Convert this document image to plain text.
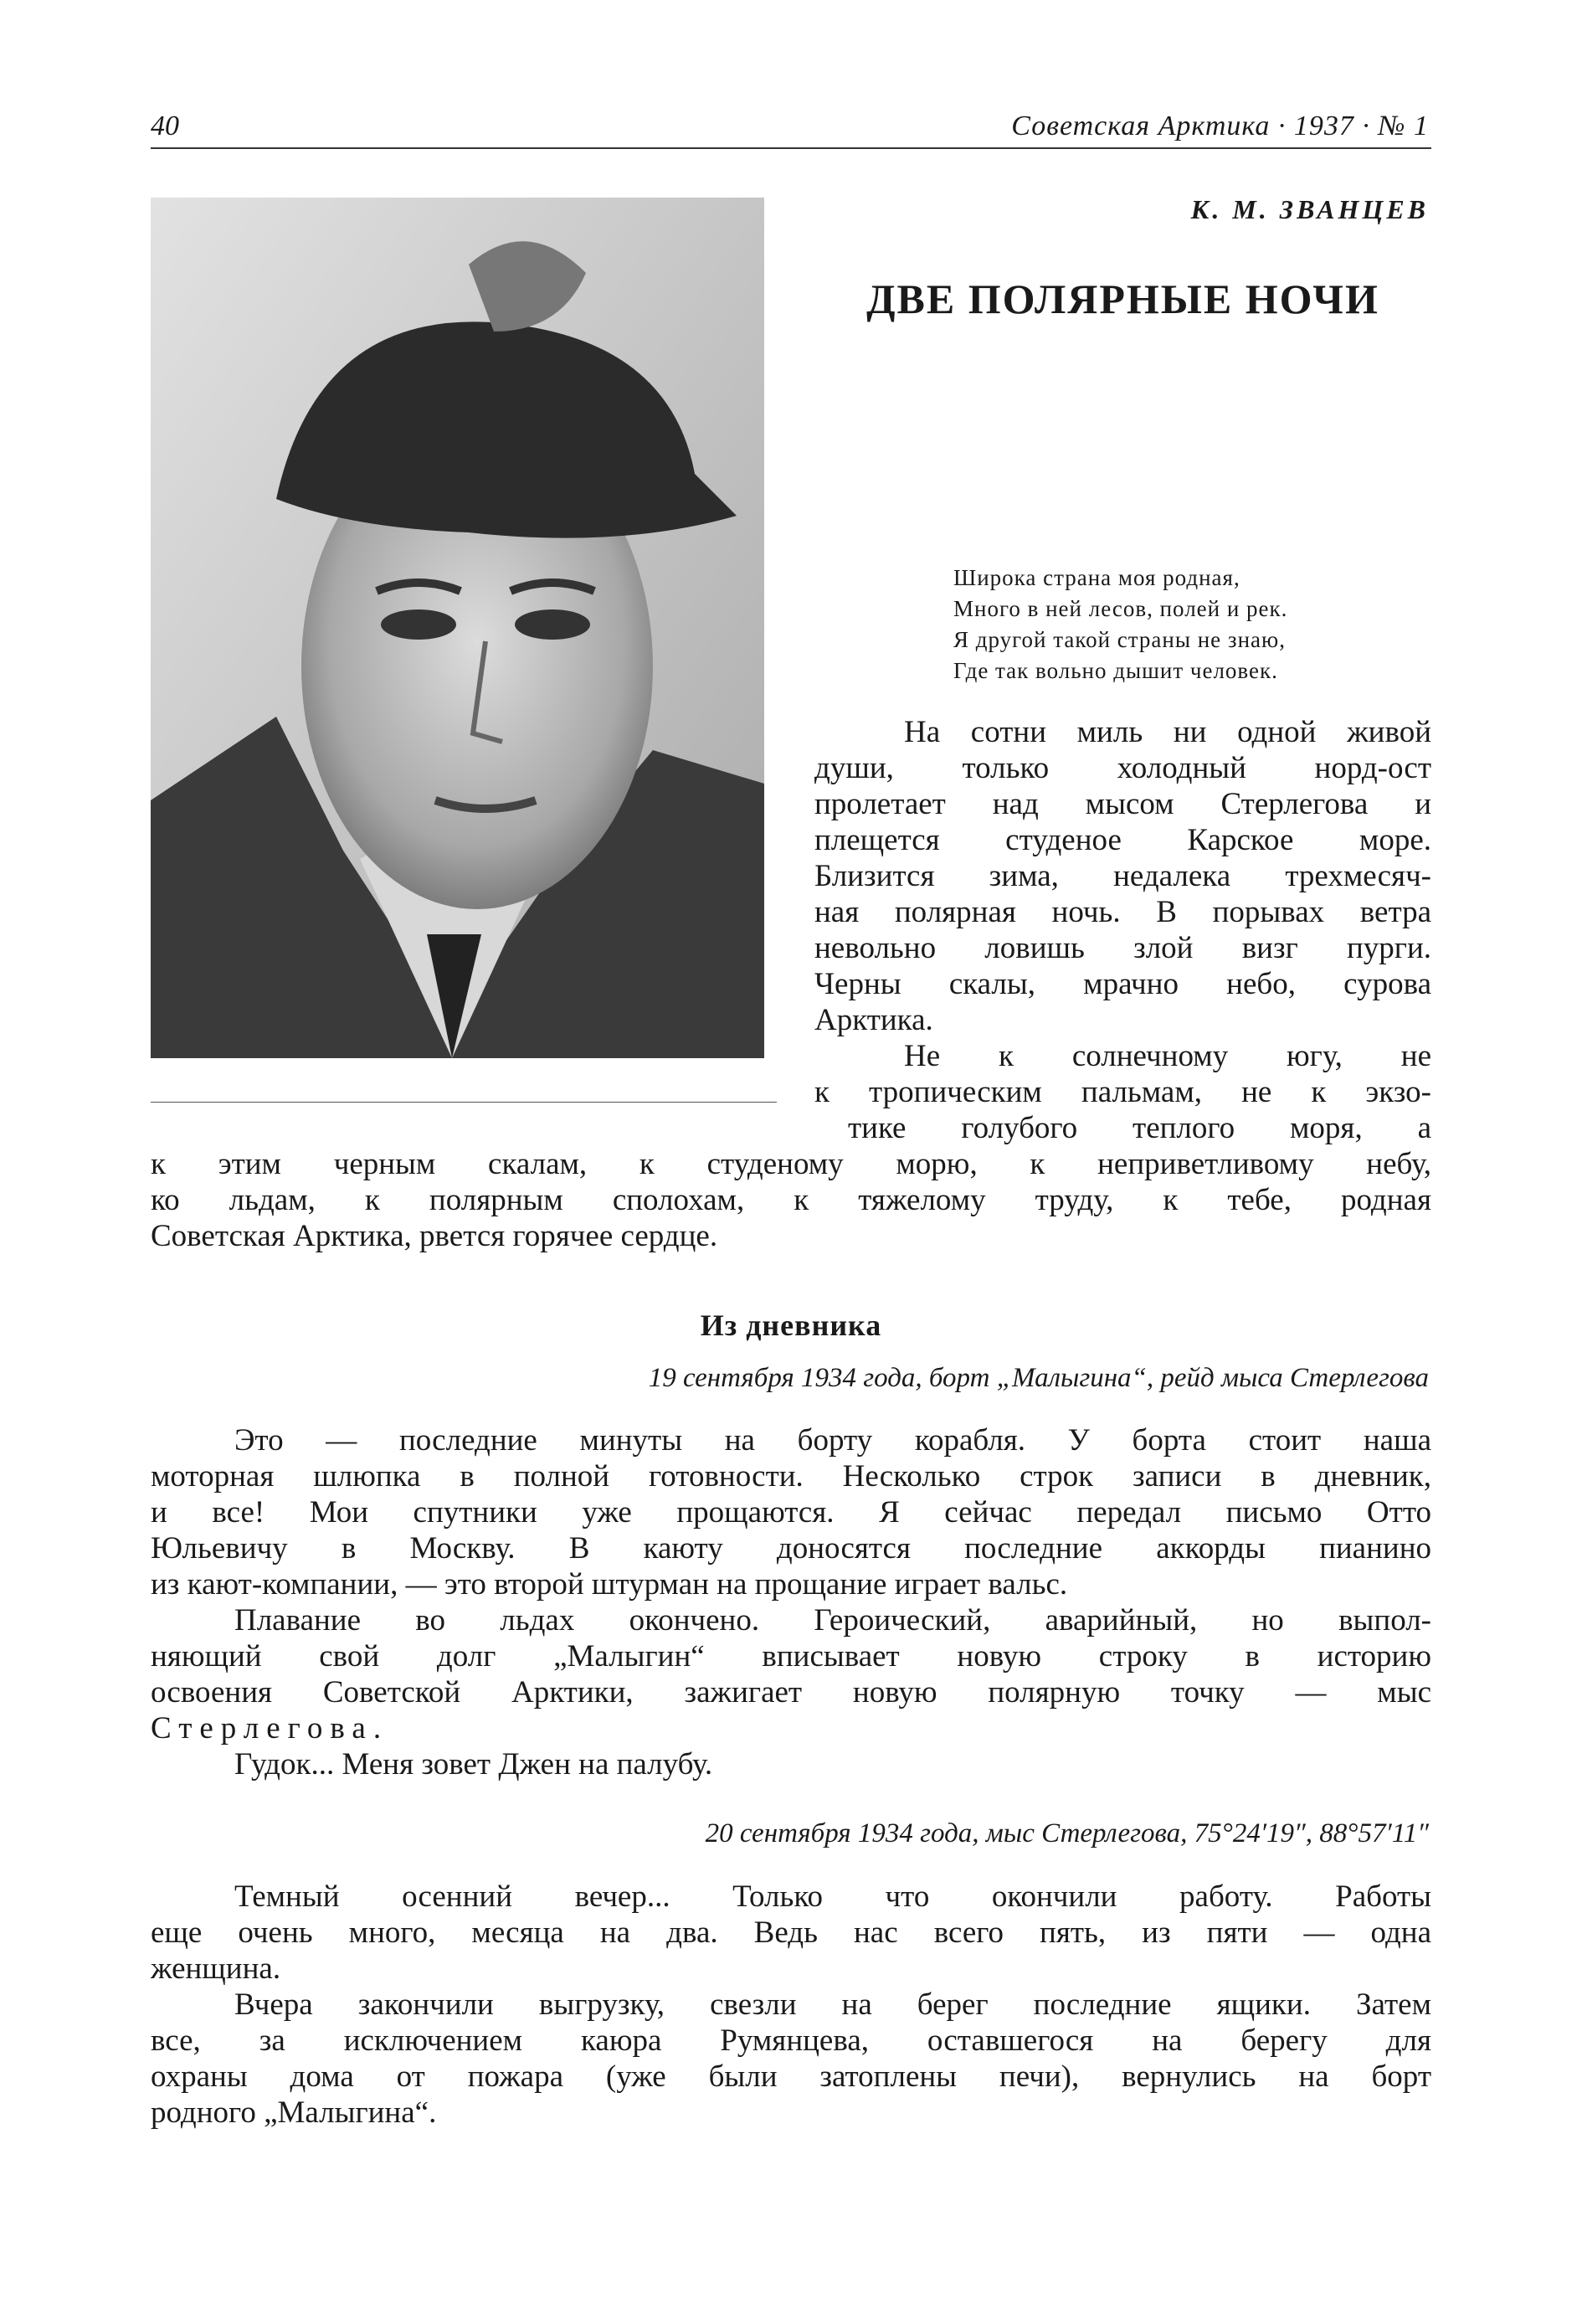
40	Советская Арктика · 1937 · № 1
К. М. ЗВАНЦЕВ
ДВЕ ПОЛЯРНЫЕ НОЧИ
Широка страна моя родная,
Много в ней лесов, полей и рек.
Я другой такой страны не знаю,
Где так вольно дышит человек.
На сотни миль ни одной живой
души, только холодный норд-ост
пролетает над мысом Стерлегова и
плещется студеное Карское море.
Близится зима, недалека трехмесяч-
ная полярная ночь. В порывах ветра
невольно ловишь злой визг пурги.
Черны скалы, мрачно небо, сурова
Арктика.
Не к солнечному югу, не
к тропическим пальмам, не к экзо-
тике голубого теплого моря, а
к этим черным скалам, к студеному морю, к неприветливому небу,
ко льдам, к полярным сполохам, к тяжелому труду, к тебе, родная
Советская Арктика, рвется горячее сердце.
Из дневника
19 сентября 1934 года, борт „Малыгина“, рейд мыса Стерлегова
Это — последние минуты на борту корабля. У борта стоит наша
моторная шлюпка в полной готовности. Несколько строк записи в дневник,
и все! Мои спутники уже прощаются. Я сейчас передал письмо Отто
Юльевичу в Москву. В каюту доносятся последние аккорды пианино
из кают-компании, — это второй штурман на прощание играет вальс.
Плавание во льдах окончено. Героический, аварийный, но выпол-
няющий свой долг „Малыгин“ вписывает новую строку в историю
освоения Советской Арктики, зажигает новую полярную точку — мыс
Стерлегова.
Гудок... Меня зовет Джен на палубу.
20 сентября 1934 года, мыс Стерлегова, 75°24′19″, 88°57′11″
Темный осенний вечер... Только что окончили работу. Работы
еще очень много, месяца на два. Ведь нас всего пять, из пяти — одна
женщина.
Вчера закончили выгрузку, свезли на берег последние ящики. Затем
все, за исключением каюра Румянцева, оставшегося на берегу для
охраны дома от пожара (уже были затоплены печи), вернулись на борт
родного „Малыгина“.
